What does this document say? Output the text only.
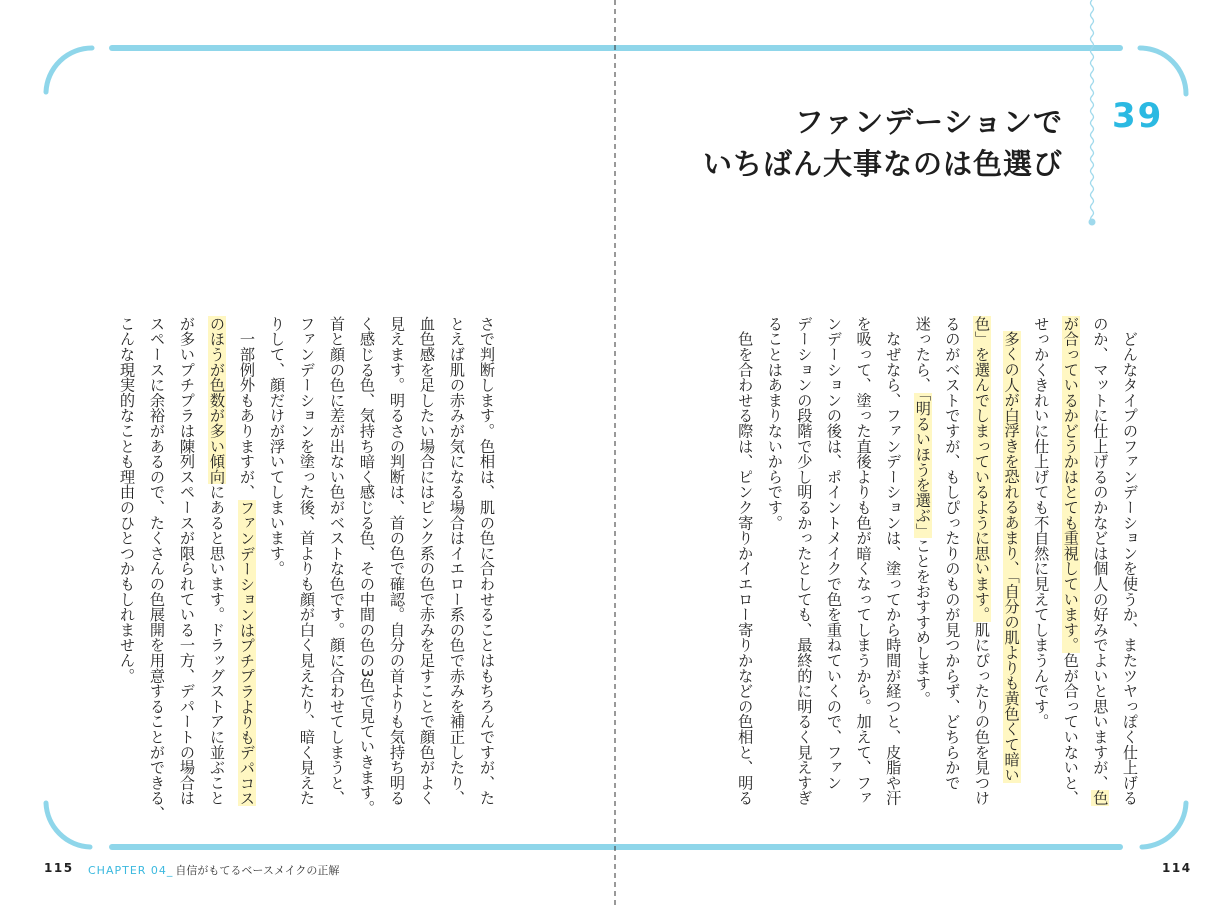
39
ファンデーションで
いちばん大事なのは色選び
　どんなタイプのファンデーションを使うか、またツヤっぽく仕上げる
のか、マットに仕上げるのかなどは個人の好みでよいと思いますが、色
が合っているかどうかはとても重視しています。色が合っていないと、
せっかくきれいに仕上げても不自然に見えてしまうんです。
　多くの人が白浮きを恐れるあまり、「自分の肌よりも黄色くて暗い
色」を選んでしまっているように思います。肌にぴったりの色を見つけ
るのがベストですが、もしぴったりのものが見つからず、どちらかで
迷ったら、「明るいほうを選ぶ」ことをおすすめします。
　なぜなら、ファンデーションは、塗ってから時間が経つと、皮脂や汗
を吸って、塗った直後よりも色が暗くなってしまうから。加えて、ファ
ンデーションの後は、ポイントメイクで色を重ねていくので、ファン
デーションの段階で少し明るかったとしても、最終的に明るく見えすぎ
ることはあまりないからです。
　色を合わせる際は、ピンク寄りかイエロー寄りかなどの色相と、明る
さで判断します。色相は、肌の色に合わせることはもちろんですが、た
とえば肌の赤みが気になる場合はイエロー系の色で赤みを補正したり、
血色感を足したい場合にはピンク系の色で赤みを足すことで顔色がよく
見えます。明るさの判断は、首の色で確認。自分の首よりも気持ち明る
く感じる色、気持ち暗く感じる色、その中間の色の3色で見ていきます。
首と顔の色に差が出ない色がベストな色です。顔に合わせてしまうと、
ファンデーションを塗った後、首よりも顔が白く見えたり、暗く見えた
りして、顔だけが浮いてしまいます。
　一部例外もありますが、ファンデーションはプチプラよりもデパコス
のほうが色数が多い傾向にあると思います。ドラッグストアに並ぶこと
が多いプチプラは陳列スペースが限られている一方、デパートの場合は
スペースに余裕があるので、たくさんの色展開を用意することができる、
こんな現実的なことも理由のひとつかもしれません。
115 CHAPTER 04_ 自信がもてるベースメイクの正解	114
